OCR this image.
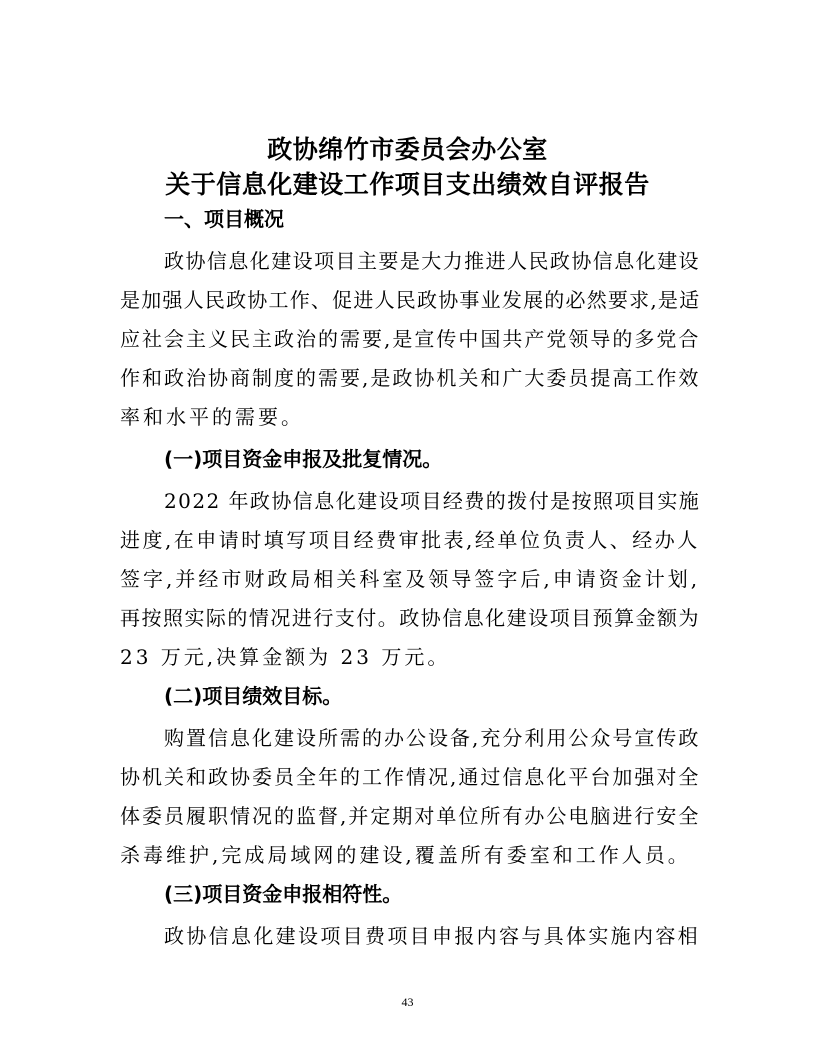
政协绵竹市委员会办公室
关于信息化建设工作项目支出绩效自评报告
一、项目概况
政协信息化建设项目主要是大力推进人民政协信息化建设
是加强人民政协工作、促进人民政协事业发展的必然要求,是适
应社会主义民主政治的需要,是宣传中国共产党领导的多党合
作和政治协商制度的需要,是政协机关和广大委员提高工作效
率和水平的需要。
(一)项目资金申报及批复情况。
2022 年政协信息化建设项目经费的拨付是按照项目实施
进度,在申请时填写项目经费审批表,经单位负责人、经办人
签字,并经市财政局相关科室及领导签字后,申请资金计划,
再按照实际的情况进行支付。政协信息化建设项目预算金额为
23 万元,决算金额为 23 万元。
(二)项目绩效目标。
购置信息化建设所需的办公设备,充分利用公众号宣传政
协机关和政协委员全年的工作情况,通过信息化平台加强对全
体委员履职情况的监督,并定期对单位所有办公电脑进行安全
杀毒维护,完成局域网的建设,覆盖所有委室和工作人员。
(三)项目资金申报相符性。
政协信息化建设项目费项目申报内容与具体实施内容相
43
